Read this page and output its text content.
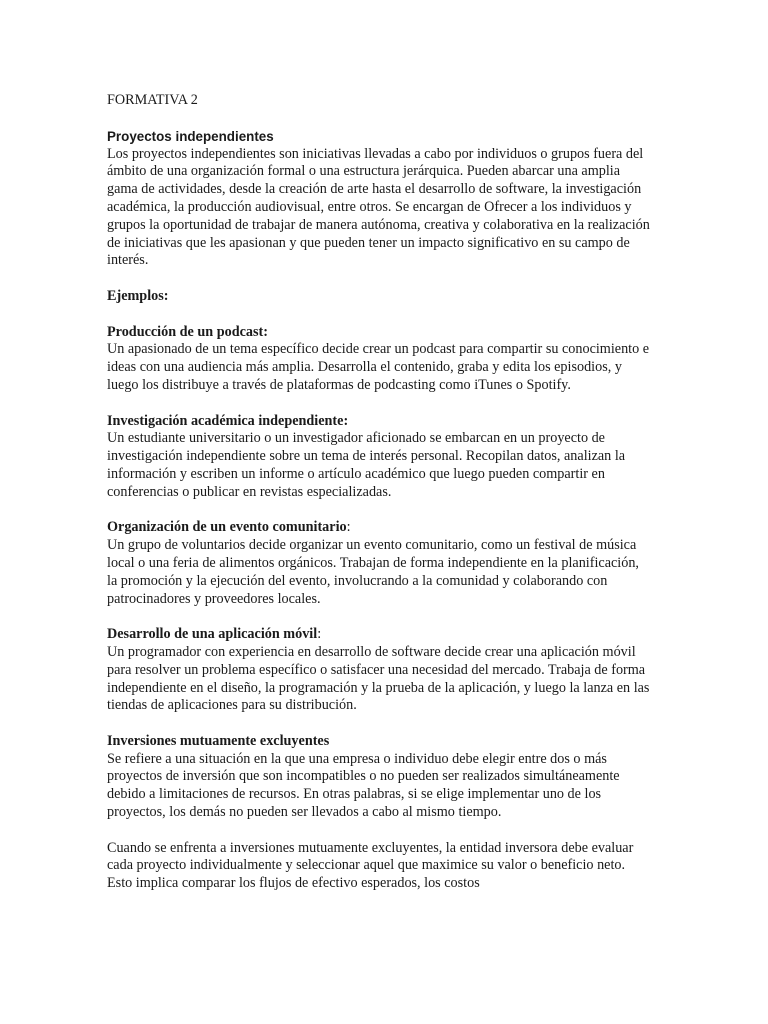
FORMATIVA 2
Proyectos independientes
Los proyectos independientes son iniciativas llevadas a cabo por individuos o grupos fuera del ámbito de una organización formal o una estructura jerárquica. Pueden abarcar una amplia gama de actividades, desde la creación de arte hasta el desarrollo de software, la investigación académica, la producción audiovisual, entre otros. Se encargan de Ofrecer a los individuos y grupos la oportunidad de trabajar de manera autónoma, creativa y colaborativa en la realización de iniciativas que les apasionan y que pueden tener un impacto significativo en su campo de interés.
Ejemplos:
Producción de un podcast:
Un apasionado de un tema específico decide crear un podcast para compartir su conocimiento e ideas con una audiencia más amplia. Desarrolla el contenido, graba y edita los episodios, y luego los distribuye a través de plataformas de podcasting como iTunes o Spotify.
Investigación académica independiente:
Un estudiante universitario o un investigador aficionado se embarcan en un proyecto de investigación independiente sobre un tema de interés personal. Recopilan datos, analizan la información y escriben un informe o artículo académico que luego pueden compartir en conferencias o publicar en revistas especializadas.
Organización de un evento comunitario:
Un grupo de voluntarios decide organizar un evento comunitario, como un festival de música local o una feria de alimentos orgánicos. Trabajan de forma independiente en la planificación, la promoción y la ejecución del evento, involucrando a la comunidad y colaborando con patrocinadores y proveedores locales.
Desarrollo de una aplicación móvil:
Un programador con experiencia en desarrollo de software decide crear una aplicación móvil para resolver un problema específico o satisfacer una necesidad del mercado. Trabaja de forma independiente en el diseño, la programación y la prueba de la aplicación, y luego la lanza en las tiendas de aplicaciones para su distribución.
Inversiones mutuamente excluyentes
Se refiere a una situación en la que una empresa o individuo debe elegir entre dos o más proyectos de inversión que son incompatibles o no pueden ser realizados simultáneamente debido a limitaciones de recursos. En otras palabras, si se elige implementar uno de los proyectos, los demás no pueden ser llevados a cabo al mismo tiempo.
Cuando se enfrenta a inversiones mutuamente excluyentes, la entidad inversora debe evaluar cada proyecto individualmente y seleccionar aquel que maximice su valor o beneficio neto. Esto implica comparar los flujos de efectivo esperados, los costos
